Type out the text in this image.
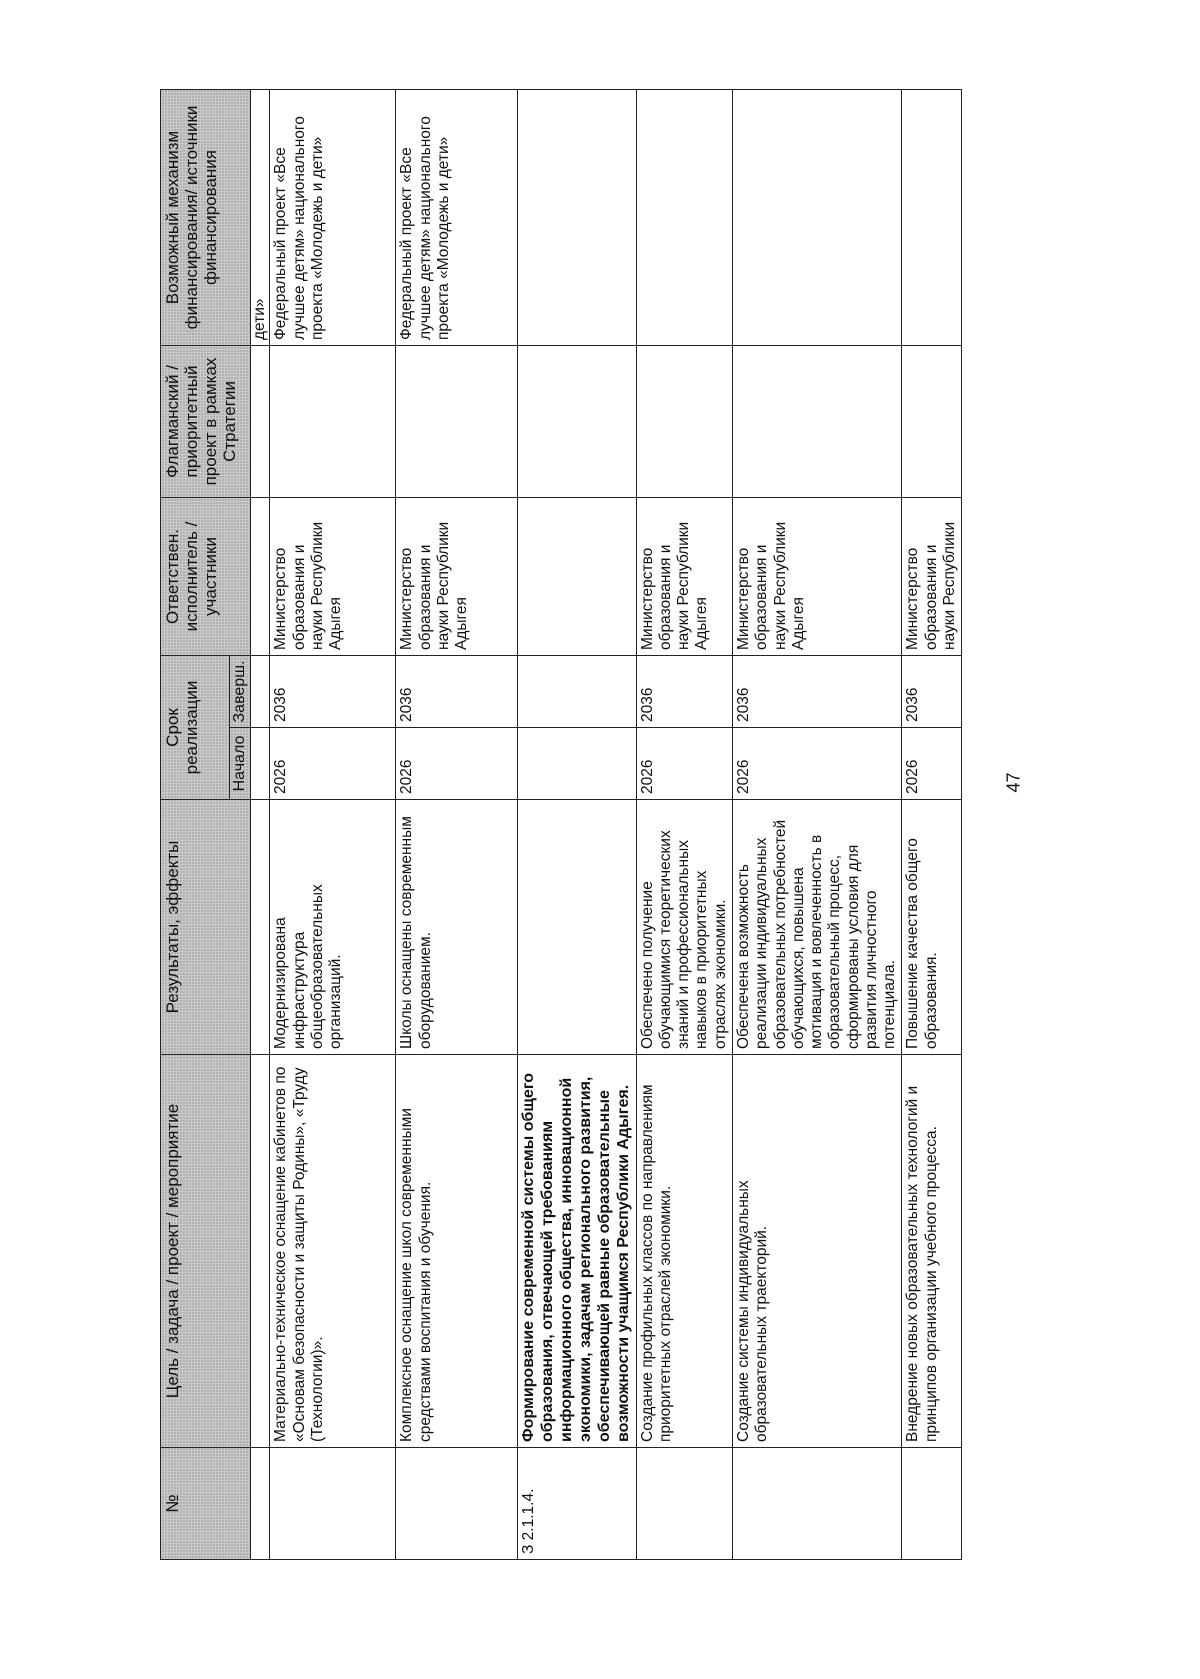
№	Цель / задача / проект / мероприятие	Результаты, эффекты	Срок реализации		Ответствен. исполнитель / участники	Флагманский / приоритетный проект в рамках Стратегии	Возможный механизм финансирования/ источники финансирования
			Начало	Заверш.			
							дети»
	Материально-техническое оснащение кабинетов по «Основам безопасности и защиты Родины», «Труду (Технологии)».	Модернизирована инфраструктура общеобразовательных организаций.	2026	2036	Министерство образования и науки Республики Адыгея		Федеральный проект «Все лучшее детям» национального проекта «Молодежь и дети»
	Комплексное оснащение школ современными средствами воспитания и обучения.	Школы оснащены современным оборудованием.	2026	2036	Министерство образования и науки Республики Адыгея		Федеральный проект «Все лучшее детям» национального проекта «Молодежь и дети»
З 2.1.1.4.	Формирование современной системы общего образования, отвечающей требованиям информационного общества, инновационной экономики, задачам регионального развития, обеспечивающей равные образовательные возможности учащимся Республики Адыгея.						
	Создание профильных классов по направлениям приоритетных отраслей экономики.	Обеспечено получение обучающимися теоретических знаний и профессиональных навыков в приоритетных отраслях экономики.	2026	2036	Министерство образования и науки Республики Адыгея		
	Создание системы индивидуальных образовательных траекторий.	Обеспечена возможность реализации индивидуальных образовательных потребностей обучающихся, повышена мотивация и вовлеченность в образовательный процесс, сформированы условия для развития личностного потенциала.	2026	2036	Министерство образования и науки Республики Адыгея		
	Внедрение новых образовательных технологий и принципов организации учебного процесса.	Повышение качества общего образования.	2026	2036	Министерство образования и науки Республики		
47
